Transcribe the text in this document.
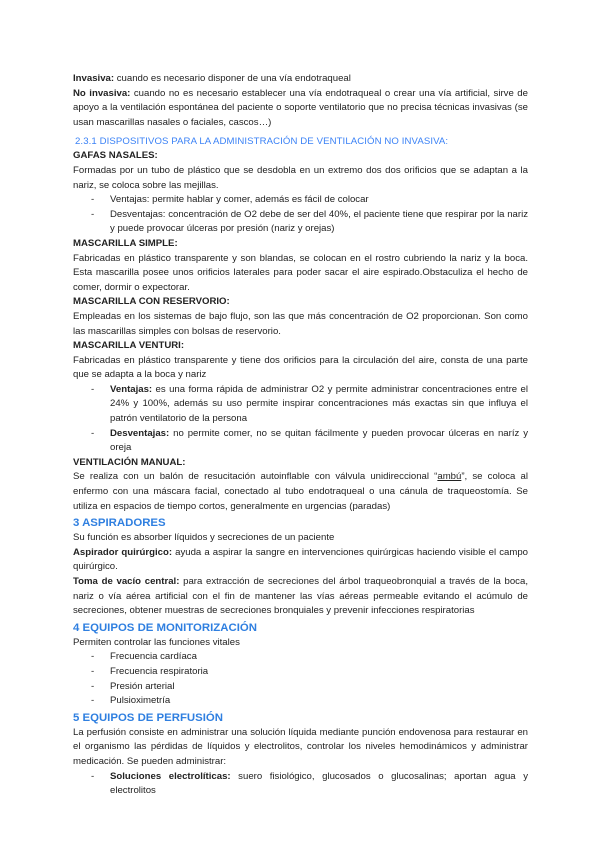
Invasiva: cuando es necesario disponer de una vía endotraqueal

No invasiva: cuando no es necesario establecer una vía endotraqueal o crear una vía artificial, sirve de apoyo a la ventilación espontánea del paciente o soporte ventilatorio que no precisa técnicas invasivas (se usan mascarillas nasales o faciales, cascos…)

2.3.1 DISPOSITIVOS PARA LA ADMINISTRACIÓN DE VENTILACIÓN NO INVASIVA:

GAFAS NASALES:

Formadas por un tubo de plástico que se desdobla en un extremo dos dos orificios que se adaptan a la nariz, se coloca sobre las mejillas.

- Ventajas: permite hablar y comer, además es fácil de colocar
- Desventajas: concentración de O2 debe de ser del 40%, el paciente tiene que respirar por la nariz y puede provocar úlceras por presión (nariz y orejas)

MASCARILLA SIMPLE:

Fabricadas en plástico transparente y son blandas, se colocan en el rostro cubriendo la nariz y la boca. Esta mascarilla posee unos orificios laterales para poder sacar el aire espirado.Obstaculiza el hecho de comer, dormir o expectorar.

MASCARILLA CON RESERVORIO:

Empleadas en los sistemas de bajo flujo, son las que más concentración de O2 proporcionan. Son como las mascarillas simples con bolsas de reservorio.

MASCARILLA VENTURI:

Fabricadas en plástico transparente y tiene dos orificios para la circulación del aire, consta de una parte que se adapta a la boca y nariz

- Ventajas: es una forma rápida de administrar O2 y permite administrar concentraciones entre el 24% y 100%, además su uso permite inspirar concentraciones más exactas sin que influya el patrón ventilatorio de la persona
- Desventajas: no permite comer, no se quitan fácilmente y pueden provocar úlceras en naríz y oreja

VENTILACIÓN MANUAL:

Se realiza con un balón de resucitación autoinflable con válvula unidireccional “ambú”, se coloca al enfermo con una máscara facial, conectado al tubo endotraqueal o una cánula de traqueostomía. Se utiliza en espacios de tiempo cortos, generalmente en urgencias (paradas)

3 ASPIRADORES

Su función es absorber líquidos y secreciones de un paciente

Aspirador quirúrgico: ayuda a aspirar la sangre en intervenciones quirúrgicas haciendo visible el campo quirúrgico.

Toma de vacío central: para extracción de secreciones del árbol traqueobronquial a través de la boca, nariz o vía aérea artificial con el fin de mantener las vías aéreas permeable evitando el acúmulo de secreciones, obtener muestras de secreciones bronquiales y prevenir infecciones respiratorias

4 EQUIPOS DE MONITORIZACIÓN

Permiten controlar las funciones vitales

- Frecuencia cardíaca
- Frecuencia respiratoria
- Presión arterial
- Pulsioximetría

5 EQUIPOS DE PERFUSIÓN

La perfusión consiste en administrar una solución líquida mediante punción endovenosa para restaurar en el organismo las pérdidas de líquidos y electrolitos, controlar los niveles hemodinámicos y administrar medicación. Se pueden administrar:

- Soluciones electrolíticas: suero fisiológico, glucosados o glucosalinas; aportan agua y electrolitos
